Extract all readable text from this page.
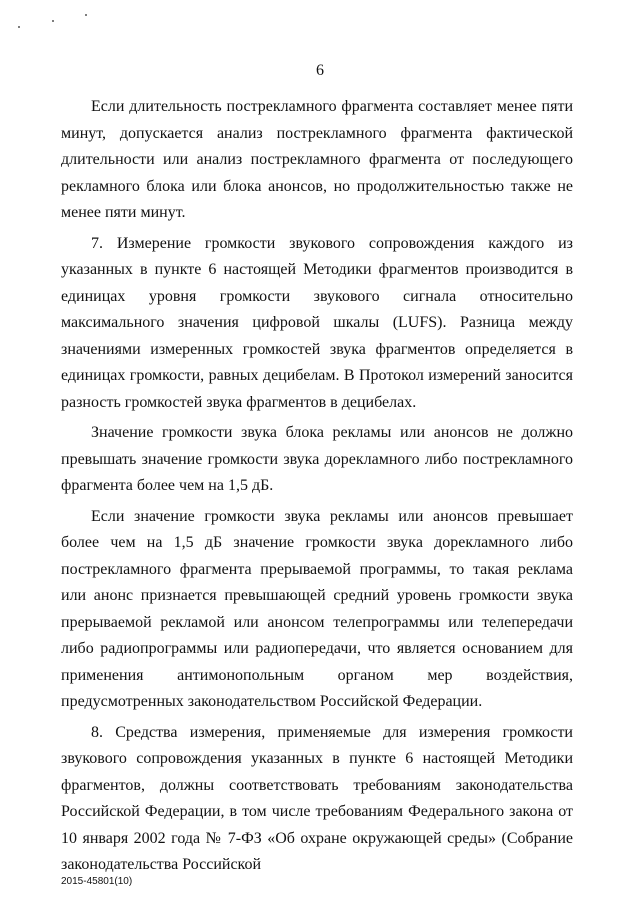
6

Если длительность пострекламного фрагмента составляет менее пяти минут, допускается анализ пострекламного фрагмента фактической длительности или анализ пострекламного фрагмента от последующего рекламного блока или блока анонсов, но продолжительностью также не менее пяти минут.

7. Измерение громкости звукового сопровождения каждого из указанных в пункте 6 настоящей Методики фрагментов производится в единицах уровня громкости звукового сигнала относительно максимального значения цифровой шкалы (LUFS). Разница между значениями измеренных громкостей звука фрагментов определяется в единицах громкости, равных децибелам. В Протокол измерений заносится разность громкостей звука фрагментов в децибелах.

Значение громкости звука блока рекламы или анонсов не должно превышать значение громкости звука дорекламного либо пострекламного фрагмента более чем на 1,5 дБ.

Если значение громкости звука рекламы или анонсов превышает более чем на 1,5 дБ значение громкости звука дорекламного либо пострекламного фрагмента прерываемой программы, то такая реклама или анонс признается превышающей средний уровень громкости звука прерываемой рекламой или анонсом телепрограммы или телепередачи либо радиопрограммы или радиопередачи, что является основанием для применения антимонопольным органом мер воздействия, предусмотренных законодательством Российской Федерации.

8. Средства измерения, применяемые для измерения громкости звукового сопровождения указанных в пункте 6 настоящей Методики фрагментов, должны соответствовать требованиям законодательства Российской Федерации, в том числе требованиям Федерального закона от 10 января 2002 года № 7-ФЗ «Об охране окружающей среды» (Собрание законодательства Российской

2015-45801(10)
